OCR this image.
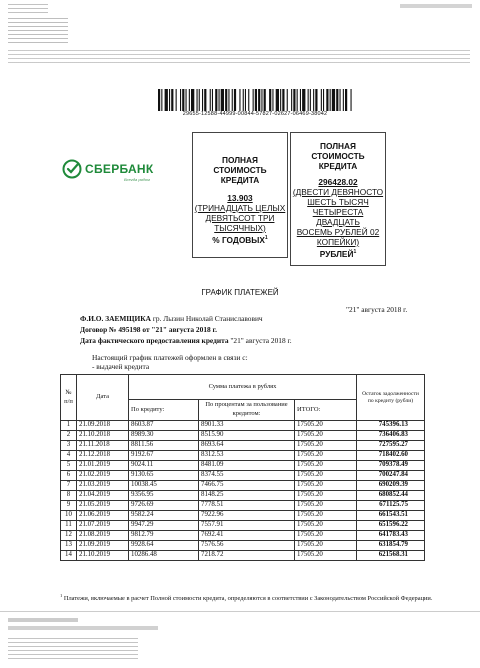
29655-12588-44999-00844-57827-02627-06469-38042
СБЕРБАНК
Всегда рядом
ПОЛНАЯ
СТОИМОСТЬ КРЕДИТА
13.903
(ТРИНАДЦАТЬ ЦЕЛЫХ
ДЕВЯТЬСОТ ТРИ
ТЫСЯЧНЫХ)
% ГОДОВЫХ$^1$
ПОЛНАЯ
СТОИМОСТЬ КРЕДИТА
296428.02
(ДВЕСТИ ДЕВЯНОСТО
ШЕСТЬ ТЫСЯЧ
ЧЕТЫРЕСТА ДВАДЦАТЬ
ВОСЕМЬ РУБЛЕЙ 02
КОПЕЙКИ)
РУБЛЕЙ$^1$
ГРАФИК ПЛАТЕЖЕЙ
"21" августа 2018 г.
Ф.И.О. ЗАЕМЩИКА гр. Лызин Николай Станиславович
Договор № 495198 от "21" августа 2018 г.
Дата фактического предоставления кредита "21" августа 2018 г.
Настоящий график платежей оформлен в связи с:
- выдачей кредита
№ п/п	Дата	Сумма платежа в рублях			Остаток задолженности по кредиту (рубли)
		По кредиту:	По процентам за пользование кредитом:	ИТОГО:	
1	21.09.2018	8603.87	8901.33	17505.20	745396.13
2	21.10.2018	8989.30	8515.90	17505.20	736406.83
3	21.11.2018	8811.56	8693.64	17505.20	727595.27
4	21.12.2018	9192.67	8312.53	17505.20	718402.60
5	21.01.2019	9024.11	8481.09	17505.20	709378.49
6	21.02.2019	9130.65	8374.55	17505.20	700247.84
7	21.03.2019	10038.45	7466.75	17505.20	690209.39
8	21.04.2019	9356.95	8148.25	17505.20	680852.44
9	21.05.2019	9726.69	7778.51	17505.20	671125.75
10	21.06.2019	9582.24	7922.96	17505.20	661543.51
11	21.07.2019	9947.29	7557.91	17505.20	651596.22
12	21.08.2019	9812.79	7692.41	17505.20	641783.43
13	21.09.2019	9928.64	7576.56	17505.20	631854.79
14	21.10.2019	10286.48	7218.72	17505.20	621568.31
$^1$ Платежи, включаемые в расчет Полной стоимости кредита, определяются в соответствии с Законодательством Российской Федерации.
